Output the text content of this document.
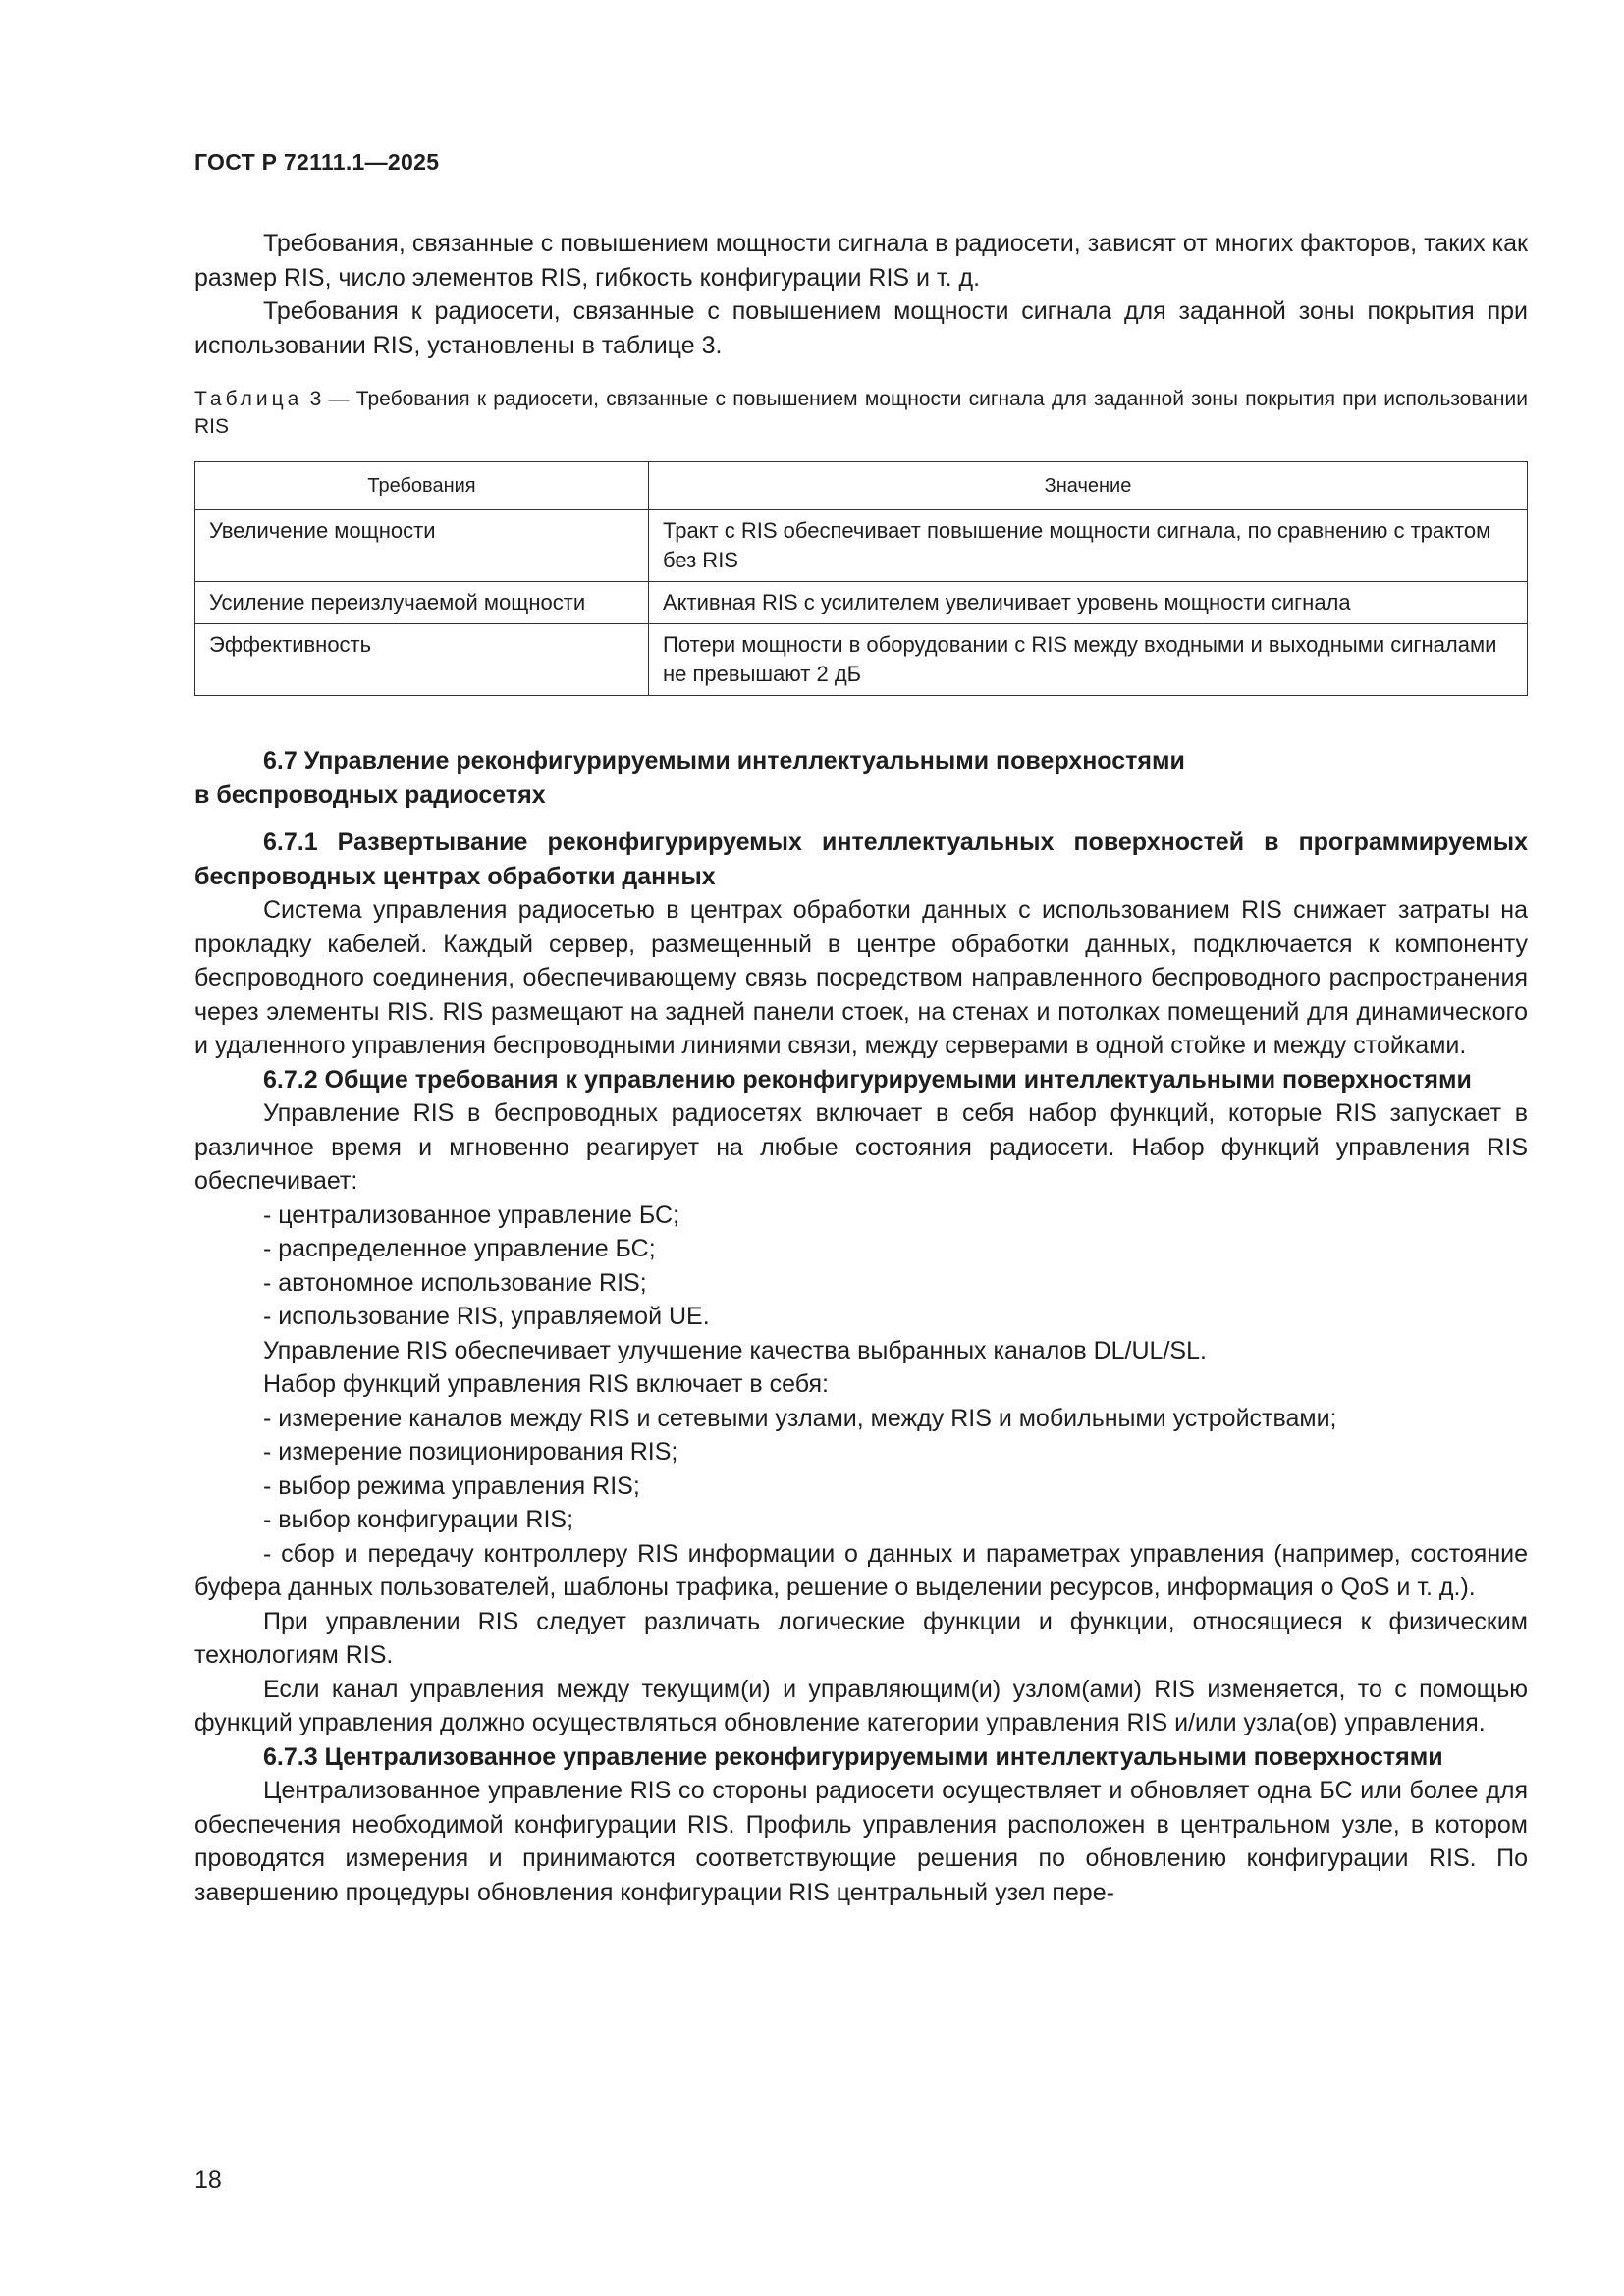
ГОСТ Р 72111.1—2025

Требования, связанные с повышением мощности сигнала в радиосети, зависят от многих факторов, таких как размер RIS, число элементов RIS, гибкость конфигурации RIS и т. д.

Требования к радиосети, связанные с повышением мощности сигнала для заданной зоны покрытия при использовании RIS, установлены в таблице 3.

Таблица 3 — Требования к радиосети, связанные с повышением мощности сигнала для заданной зоны покрытия при использовании RIS
Требования	Значение
Увеличение мощности	Тракт с RIS обеспечивает повышение мощности сигнала, по сравнению с трактом без RIS
Усиление переизлучаемой мощности	Активная RIS с усилителем увеличивает уровень мощности сигнала
Эффективность	Потери мощности в оборудовании с RIS между входными и выходными сигналами не превышают 2 дБ

6.7 Управление реконфигурируемыми интеллектуальными поверхностями
в беспроводных радиосетях

6.7.1 Развертывание реконфигурируемых интеллектуальных поверхностей в программируемых беспроводных центрах обработки данных

Система управления радиосетью в центрах обработки данных с использованием RIS снижает затраты на прокладку кабелей. Каждый сервер, размещенный в центре обработки данных, подключается к компоненту беспроводного соединения, обеспечивающему связь посредством направленного беспроводного распространения через элементы RIS. RIS размещают на задней панели стоек, на стенах и потолках помещений для динамического и удаленного управления беспроводными линиями связи, между серверами в одной стойке и между стойками.

6.7.2 Общие требования к управлению реконфигурируемыми интеллектуальными поверхностями

Управление RIS в беспроводных радиосетях включает в себя набор функций, которые RIS запускает в различное время и мгновенно реагирует на любые состояния радиосети. Набор функций управления RIS обеспечивает:

- централизованное управление БС;

- распределенное управление БС;

- автономное использование RIS;

- использование RIS, управляемой UE.

Управление RIS обеспечивает улучшение качества выбранных каналов DL/UL/SL.

Набор функций управления RIS включает в себя:

- измерение каналов между RIS и сетевыми узлами, между RIS и мобильными устройствами;

- измерение позиционирования RIS;

- выбор режима управления RIS;

- выбор конфигурации RIS;

- сбор и передачу контроллеру RIS информации о данных и параметрах управления (например, состояние буфера данных пользователей, шаблоны трафика, решение о выделении ресурсов, информация о QoS и т. д.).

При управлении RIS следует различать логические функции и функции, относящиеся к физическим технологиям RIS.

Если канал управления между текущим(и) и управляющим(и) узлом(ами) RIS изменяется, то с помощью функций управления должно осуществляться обновление категории управления RIS и/или узла(ов) управления.

6.7.3 Централизованное управление реконфигурируемыми интеллектуальными поверхностями

Централизованное управление RIS со стороны радиосети осуществляет и обновляет одна БС или более для обеспечения необходимой конфигурации RIS. Профиль управления расположен в центральном узле, в котором проводятся измерения и принимаются соответствующие решения по обновлению конфигурации RIS. По завершению процедуры обновления конфигурации RIS центральный узел пере-

18
